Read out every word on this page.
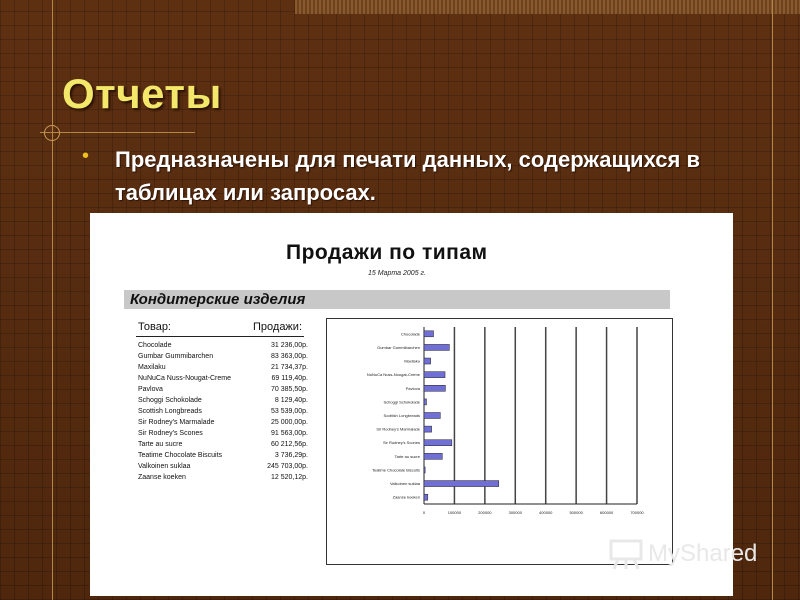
Отчеты
• Предназначены для печати данных, содержащихся в таблицах или запросах.

Продажи по типам
15 Марта 2005 г.
Кондитерские изделия
Товар:	Продажи:
Chocolade	31 236,00р.
Gumbar Gummibarchen	83 363,00р.
Maxilaku	21 734,37р.
NuNuCa Nuss-Nougat-Creme	69 119,40р.
Pavlova	70 385,50р.
Schoggi Schokolade	8 129,40р.
Scottish Longbreads	53 539,00р.
Sir Rodney's Marmalade	25 000,00р.
Sir Rodney's Scones	91 563,00р.
Tarte au sucre	60 212,56р.
Teatime Chocolate Biscuits	3 736,29р.
Valkoinen suklaa	245 703,00р.
Zaanse koeken	12 520,12р.
0	100000	200000	300000	400000	500000	600000	700000
Chocolade
Gumbar Gummibarchen
Maxilaku
NuNuCa Nuss-Nougat-Creme
Pavlova
Schoggi Schokolade
Scottish Longbreads
Sir Rodney's Marmalade
Sir Rodney's Scones
Tarte au sucre
Teatime Chocolate Biscuits
Valkoinen suklaa
Zaanse koeken
MyShared
